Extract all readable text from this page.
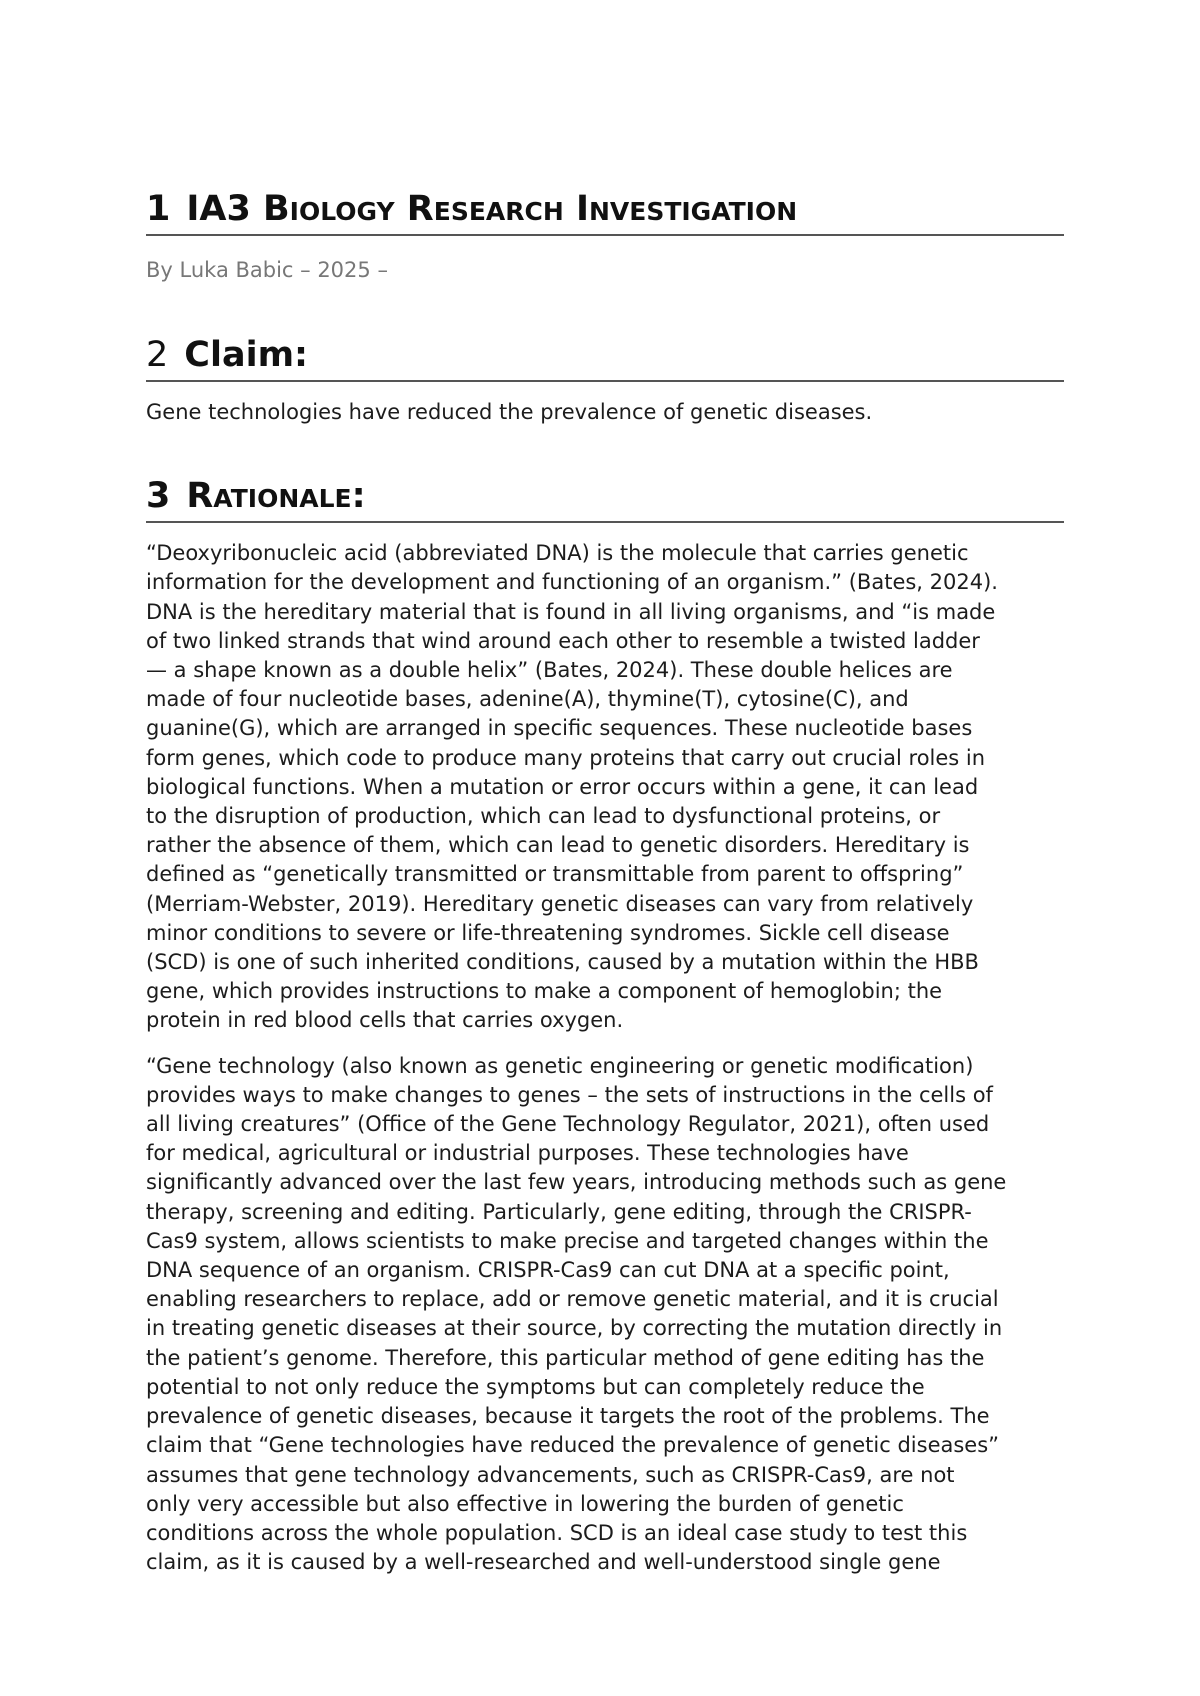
1 IA3 Biology Research Investigation

By Luka Babic – 2025 –

2 Claim:

Gene technologies have reduced the prevalence of genetic diseases.

3 Rationale:

“Deoxyribonucleic acid (abbreviated DNA) is the molecule that carries genetic
information for the development and functioning of an organism.” (Bates, 2024).
DNA is the hereditary material that is found in all living organisms, and “is made
of two linked strands that wind around each other to resemble a twisted ladder
— a shape known as a double helix” (Bates, 2024). These double helices are
made of four nucleotide bases, adenine(A), thymine(T), cytosine(C), and
guanine(G), which are arranged in specific sequences. These nucleotide bases
form genes, which code to produce many proteins that carry out crucial roles in
biological functions. When a mutation or error occurs within a gene, it can lead
to the disruption of production, which can lead to dysfunctional proteins, or
rather the absence of them, which can lead to genetic disorders. Hereditary is
defined as “genetically transmitted or transmittable from parent to offspring”
(Merriam-Webster, 2019). Hereditary genetic diseases can vary from relatively
minor conditions to severe or life-threatening syndromes. Sickle cell disease
(SCD) is one of such inherited conditions, caused by a mutation within the HBB
gene, which provides instructions to make a component of hemoglobin; the
protein in red blood cells that carries oxygen.

“Gene technology (also known as genetic engineering or genetic modification)
provides ways to make changes to genes – the sets of instructions in the cells of
all living creatures” (Office of the Gene Technology Regulator, 2021), often used
for medical, agricultural or industrial purposes. These technologies have
significantly advanced over the last few years, introducing methods such as gene
therapy, screening and editing. Particularly, gene editing, through the CRISPR-
Cas9 system, allows scientists to make precise and targeted changes within the
DNA sequence of an organism. CRISPR-Cas9 can cut DNA at a specific point,
enabling researchers to replace, add or remove genetic material, and it is crucial
in treating genetic diseases at their source, by correcting the mutation directly in
the patient’s genome. Therefore, this particular method of gene editing has the
potential to not only reduce the symptoms but can completely reduce the
prevalence of genetic diseases, because it targets the root of the problems. The
claim that “Gene technologies have reduced the prevalence of genetic diseases”
assumes that gene technology advancements, such as CRISPR-Cas9, are not
only very accessible but also effective in lowering the burden of genetic
conditions across the whole population. SCD is an ideal case study to test this
claim, as it is caused by a well-researched and well-understood single gene
